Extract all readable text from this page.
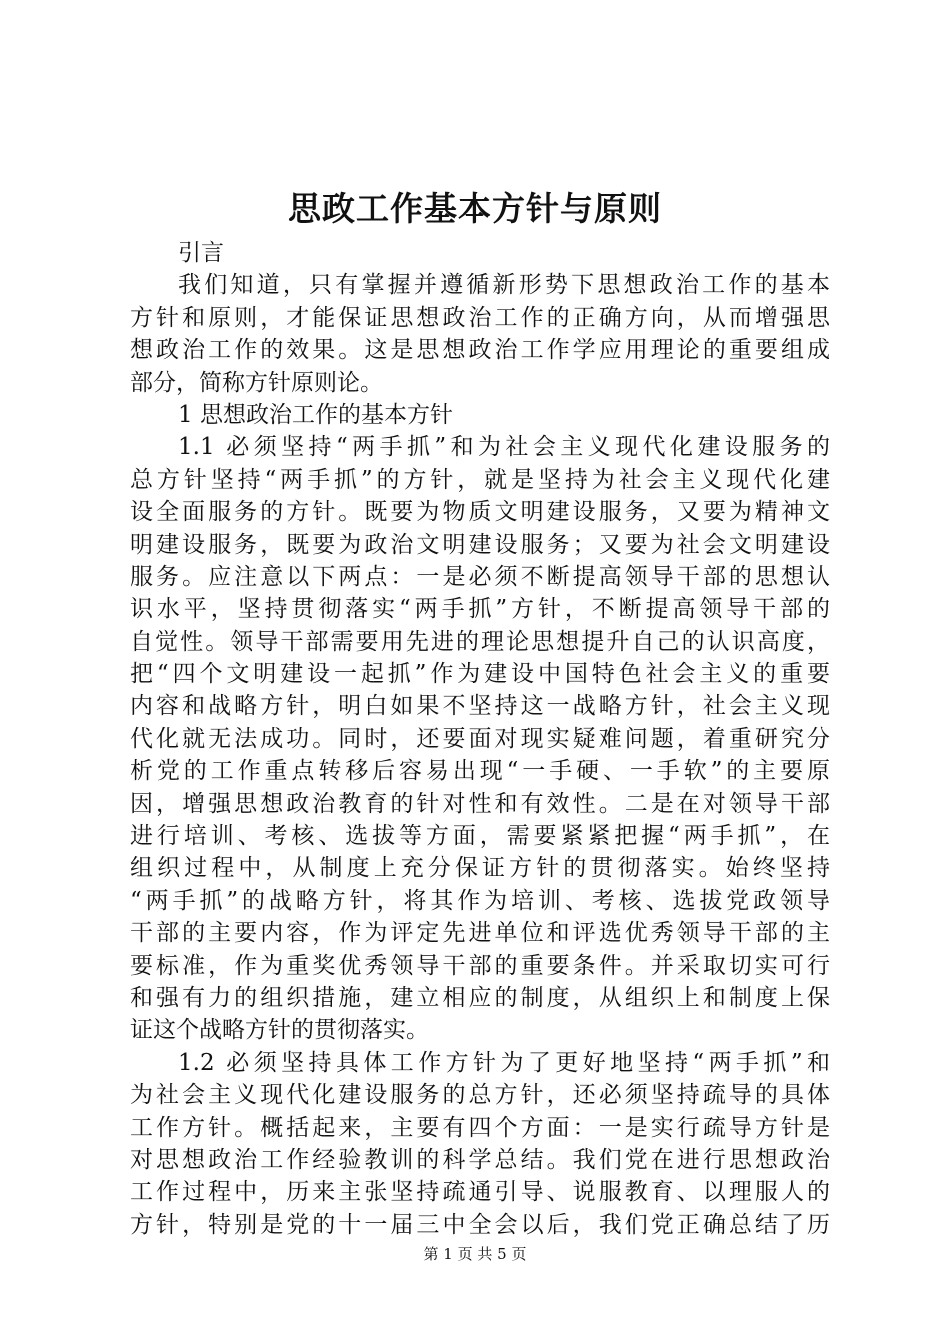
思政工作基本方针与原则
引言
我们知道，只有掌握并遵循新形势下思想政治工作的基本
方针和原则，才能保证思想政治工作的正确方向，从而增强思
想政治工作的效果。这是思想政治工作学应用理论的重要组成
部分，简称方针原则论。
1 思想政治工作的基本方针
1.1 必须坚持“两手抓”和为社会主义现代化建设服务的
总方针坚持“两手抓”的方针，就是坚持为社会主义现代化建
设全面服务的方针。既要为物质文明建设服务，又要为精神文
明建设服务，既要为政治文明建设服务；又要为社会文明建设
服务。应注意以下两点：一是必须不断提高领导干部的思想认
识水平，坚持贯彻落实“两手抓”方针，不断提高领导干部的
自觉性。领导干部需要用先进的理论思想提升自己的认识高度，
把“四个文明建设一起抓”作为建设中国特色社会主义的重要
内容和战略方针，明白如果不坚持这一战略方针，社会主义现
代化就无法成功。同时，还要面对现实疑难问题，着重研究分
析党的工作重点转移后容易出现“一手硬、一手软”的主要原
因，增强思想政治教育的针对性和有效性。二是在对领导干部
进行培训、考核、选拔等方面，需要紧紧把握“两手抓”，在
组织过程中，从制度上充分保证方针的贯彻落实。始终坚持
“两手抓”的战略方针，将其作为培训、考核、选拔党政领导
干部的主要内容，作为评定先进单位和评选优秀领导干部的主
要标准，作为重奖优秀领导干部的重要条件。并采取切实可行
和强有力的组织措施，建立相应的制度，从组织上和制度上保
证这个战略方针的贯彻落实。
1.2 必须坚持具体工作方针为了更好地坚持“两手抓”和
为社会主义现代化建设服务的总方针，还必须坚持疏导的具体
工作方针。概括起来，主要有四个方面：一是实行疏导方针是
对思想政治工作经验教训的科学总结。我们党在进行思想政治
工作过程中，历来主张坚持疏通引导、说服教育、以理服人的
方针，特别是党的十一届三中全会以后，我们党正确总结了历
第 1 页 共 5 页
